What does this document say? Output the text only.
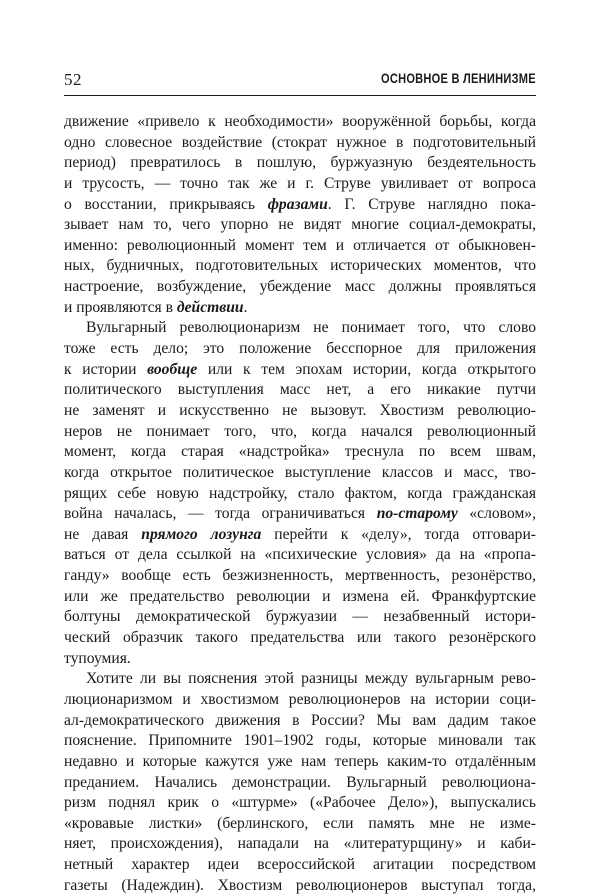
52	ОСНОВНОЕ В ЛЕНИНИЗМЕ
движение «привело к необходимости» вооружённой борьбы, когда
одно словесное воздействие (стократ нужное в подготовительный
период) превратилось в пошлую, буржуазную бездеятельность
и трусость, — точно так же и г. Струве увиливает от вопроса
о восстании, прикрываясь фразами. Г. Струве наглядно пока-
зывает нам то, чего упорно не видят многие социал-демократы,
именно: революционный момент тем и отличается от обыкновен-
ных, будничных, подготовительных исторических моментов, что
настроение, возбуждение, убеждение масс должны проявляться
и проявляются в действии.
Вульгарный революционаризм не понимает того, что слово
тоже есть дело; это положение бесспорное для приложения
к истории вообще или к тем эпохам истории, когда открытого
политического выступления масс нет, а его никакие путчи
не заменят и искусственно не вызовут. Хвостизм революцио-
неров не понимает того, что, когда начался революционный
момент, когда старая «надстройка» треснула по всем швам,
когда открытое политическое выступление классов и масс, тво-
рящих себе новую надстройку, стало фактом, когда гражданская
война началась, — тогда ограничиваться по-старому «словом»,
не давая прямого лозунга перейти к «делу», тогда отговари-
ваться от дела ссылкой на «психические условия» да на «пропа-
ганду» вообще есть безжизненность, мертвенность, резонёрство,
или же предательство революции и измена ей. Франкфуртские
болтуны демократической буржуазии — незабвенный истори-
ческий образчик такого предательства или такого резонёрского
тупоумия.
Хотите ли вы пояснения этой разницы между вульгарным рево-
люционаризмом и хвостизмом революционеров на истории соци-
ал-демократического движения в России? Мы вам дадим такое
пояснение. Припомните 1901–1902 годы, которые миновали так
недавно и которые кажутся уже нам теперь каким-то отдалённым
преданием. Начались демонстрации. Вульгарный революциона-
ризм поднял крик о «штурме» («Рабочее Дело»), выпускались
«кровавые листки» (берлинского, если память мне не изме-
няет, происхождения), нападали на «литературщину» и каби-
нетный характер идеи всероссийской агитации посредством
газеты (Надеждин). Хвостизм революционеров выступал тогда,
